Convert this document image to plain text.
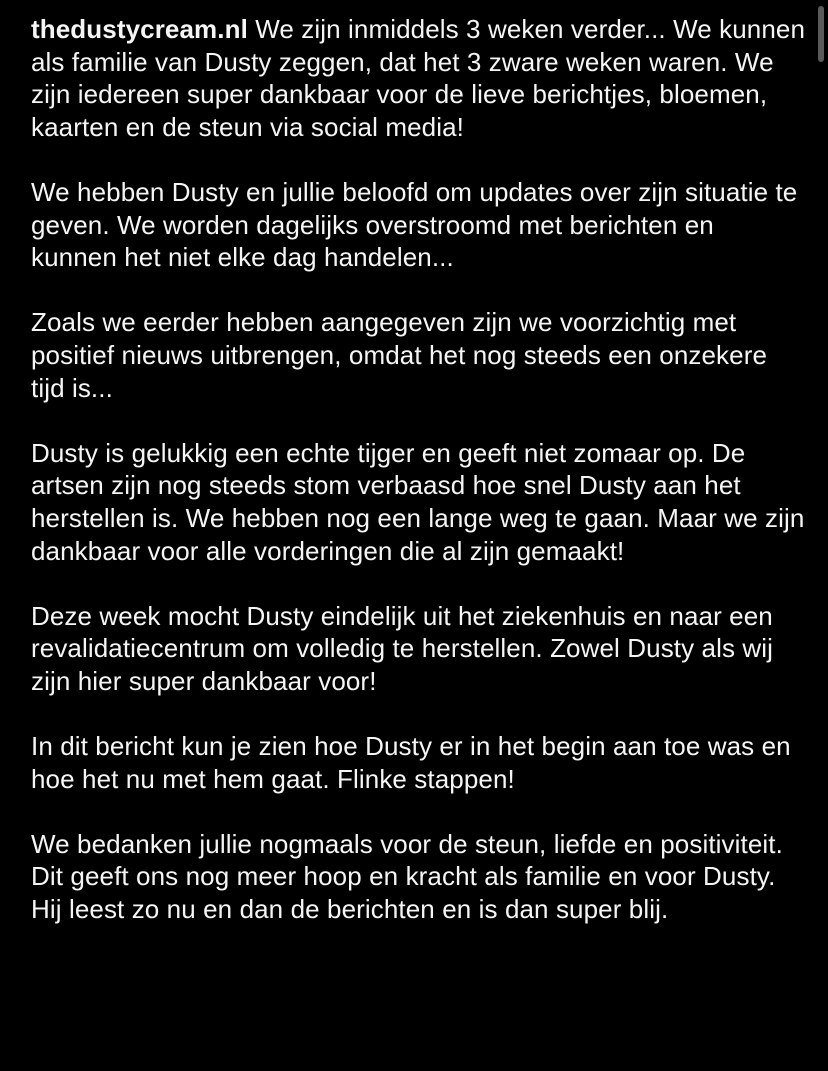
thedustycream.nl We zijn inmiddels 3 weken verder... We kunnen als familie van Dusty zeggen, dat het 3 zware weken waren. We zijn iedereen super dankbaar voor de lieve berichtjes, bloemen, kaarten en de steun via social media!

We hebben Dusty en jullie beloofd om updates over zijn situatie te geven. We worden dagelijks overstroomd met berichten en kunnen het niet elke dag handelen...

Zoals we eerder hebben aangegeven zijn we voorzichtig met positief nieuws uitbrengen, omdat het nog steeds een onzekere tijd is...

Dusty is gelukkig een echte tijger en geeft niet zomaar op. De artsen zijn nog steeds stom verbaasd hoe snel Dusty aan het herstellen is. We hebben nog een lange weg te gaan. Maar we zijn dankbaar voor alle vorderingen die al zijn gemaakt!

Deze week mocht Dusty eindelijk uit het ziekenhuis en naar een revalidatiecentrum om volledig te herstellen. Zowel Dusty als wij zijn hier super dankbaar voor!

In dit bericht kun je zien hoe Dusty er in het begin aan toe was en hoe het nu met hem gaat. Flinke stappen!

We bedanken jullie nogmaals voor de steun, liefde en positiviteit. Dit geeft ons nog meer hoop en kracht als familie en voor Dusty. Hij leest zo nu en dan de berichten en is dan super blij.
